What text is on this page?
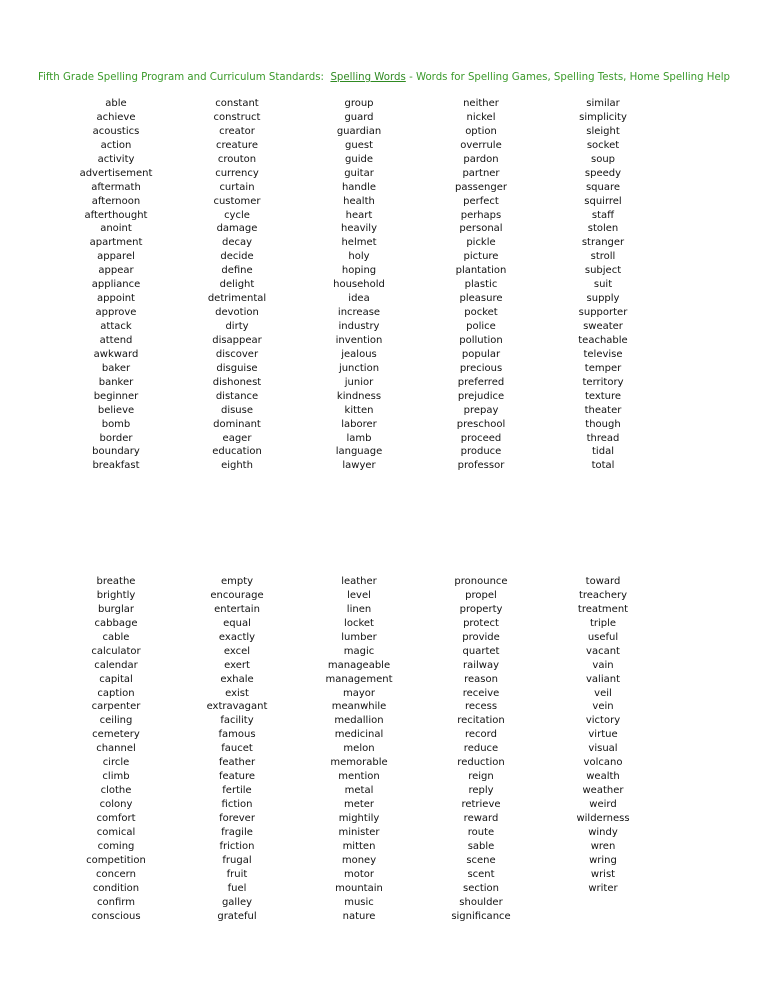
Fifth Grade Spelling Program and Curriculum Standards: Spelling Words - Words for Spelling Games, Spelling Tests, Home Spelling Help
able
achieve
acoustics
action
activity
advertisement
aftermath
afternoon
afterthought
anoint
apartment
apparel
appear
appliance
appoint
approve
attack
attend
awkward
baker
banker
beginner
believe
bomb
border
boundary
breakfast
constant
construct
creator
creature
crouton
currency
curtain
customer
cycle
damage
decay
decide
define
delight
detrimental
devotion
dirty
disappear
discover
disguise
dishonest
distance
disuse
dominant
eager
education
eighth
group
guard
guardian
guest
guide
guitar
handle
health
heart
heavily
helmet
holy
hoping
household
idea
increase
industry
invention
jealous
junction
junior
kindness
kitten
laborer
lamb
language
lawyer
neither
nickel
option
overrule
pardon
partner
passenger
perfect
perhaps
personal
pickle
picture
plantation
plastic
pleasure
pocket
police
pollution
popular
precious
preferred
prejudice
prepay
preschool
proceed
produce
professor
similar
simplicity
sleight
socket
soup
speedy
square
squirrel
staff
stolen
stranger
stroll
subject
suit
supply
supporter
sweater
teachable
televise
temper
territory
texture
theater
though
thread
tidal
total
breathe
brightly
burglar
cabbage
cable
calculator
calendar
capital
caption
carpenter
ceiling
cemetery
channel
circle
climb
clothe
colony
comfort
comical
coming
competition
concern
condition
confirm
conscious
empty
encourage
entertain
equal
exactly
excel
exert
exhale
exist
extravagant
facility
famous
faucet
feather
feature
fertile
fiction
forever
fragile
friction
frugal
fruit
fuel
galley
grateful
leather
level
linen
locket
lumber
magic
manageable
management
mayor
meanwhile
medallion
medicinal
melon
memorable
mention
metal
meter
mightily
minister
mitten
money
motor
mountain
music
nature
pronounce
propel
property
protect
provide
quartet
railway
reason
receive
recess
recitation
record
reduce
reduction
reign
reply
retrieve
reward
route
sable
scene
scent
section
shoulder
significance
toward
treachery
treatment
triple
useful
vacant
vain
valiant
veil
vein
victory
virtue
visual
volcano
wealth
weather
weird
wilderness
windy
wren
wring
wrist
writer
